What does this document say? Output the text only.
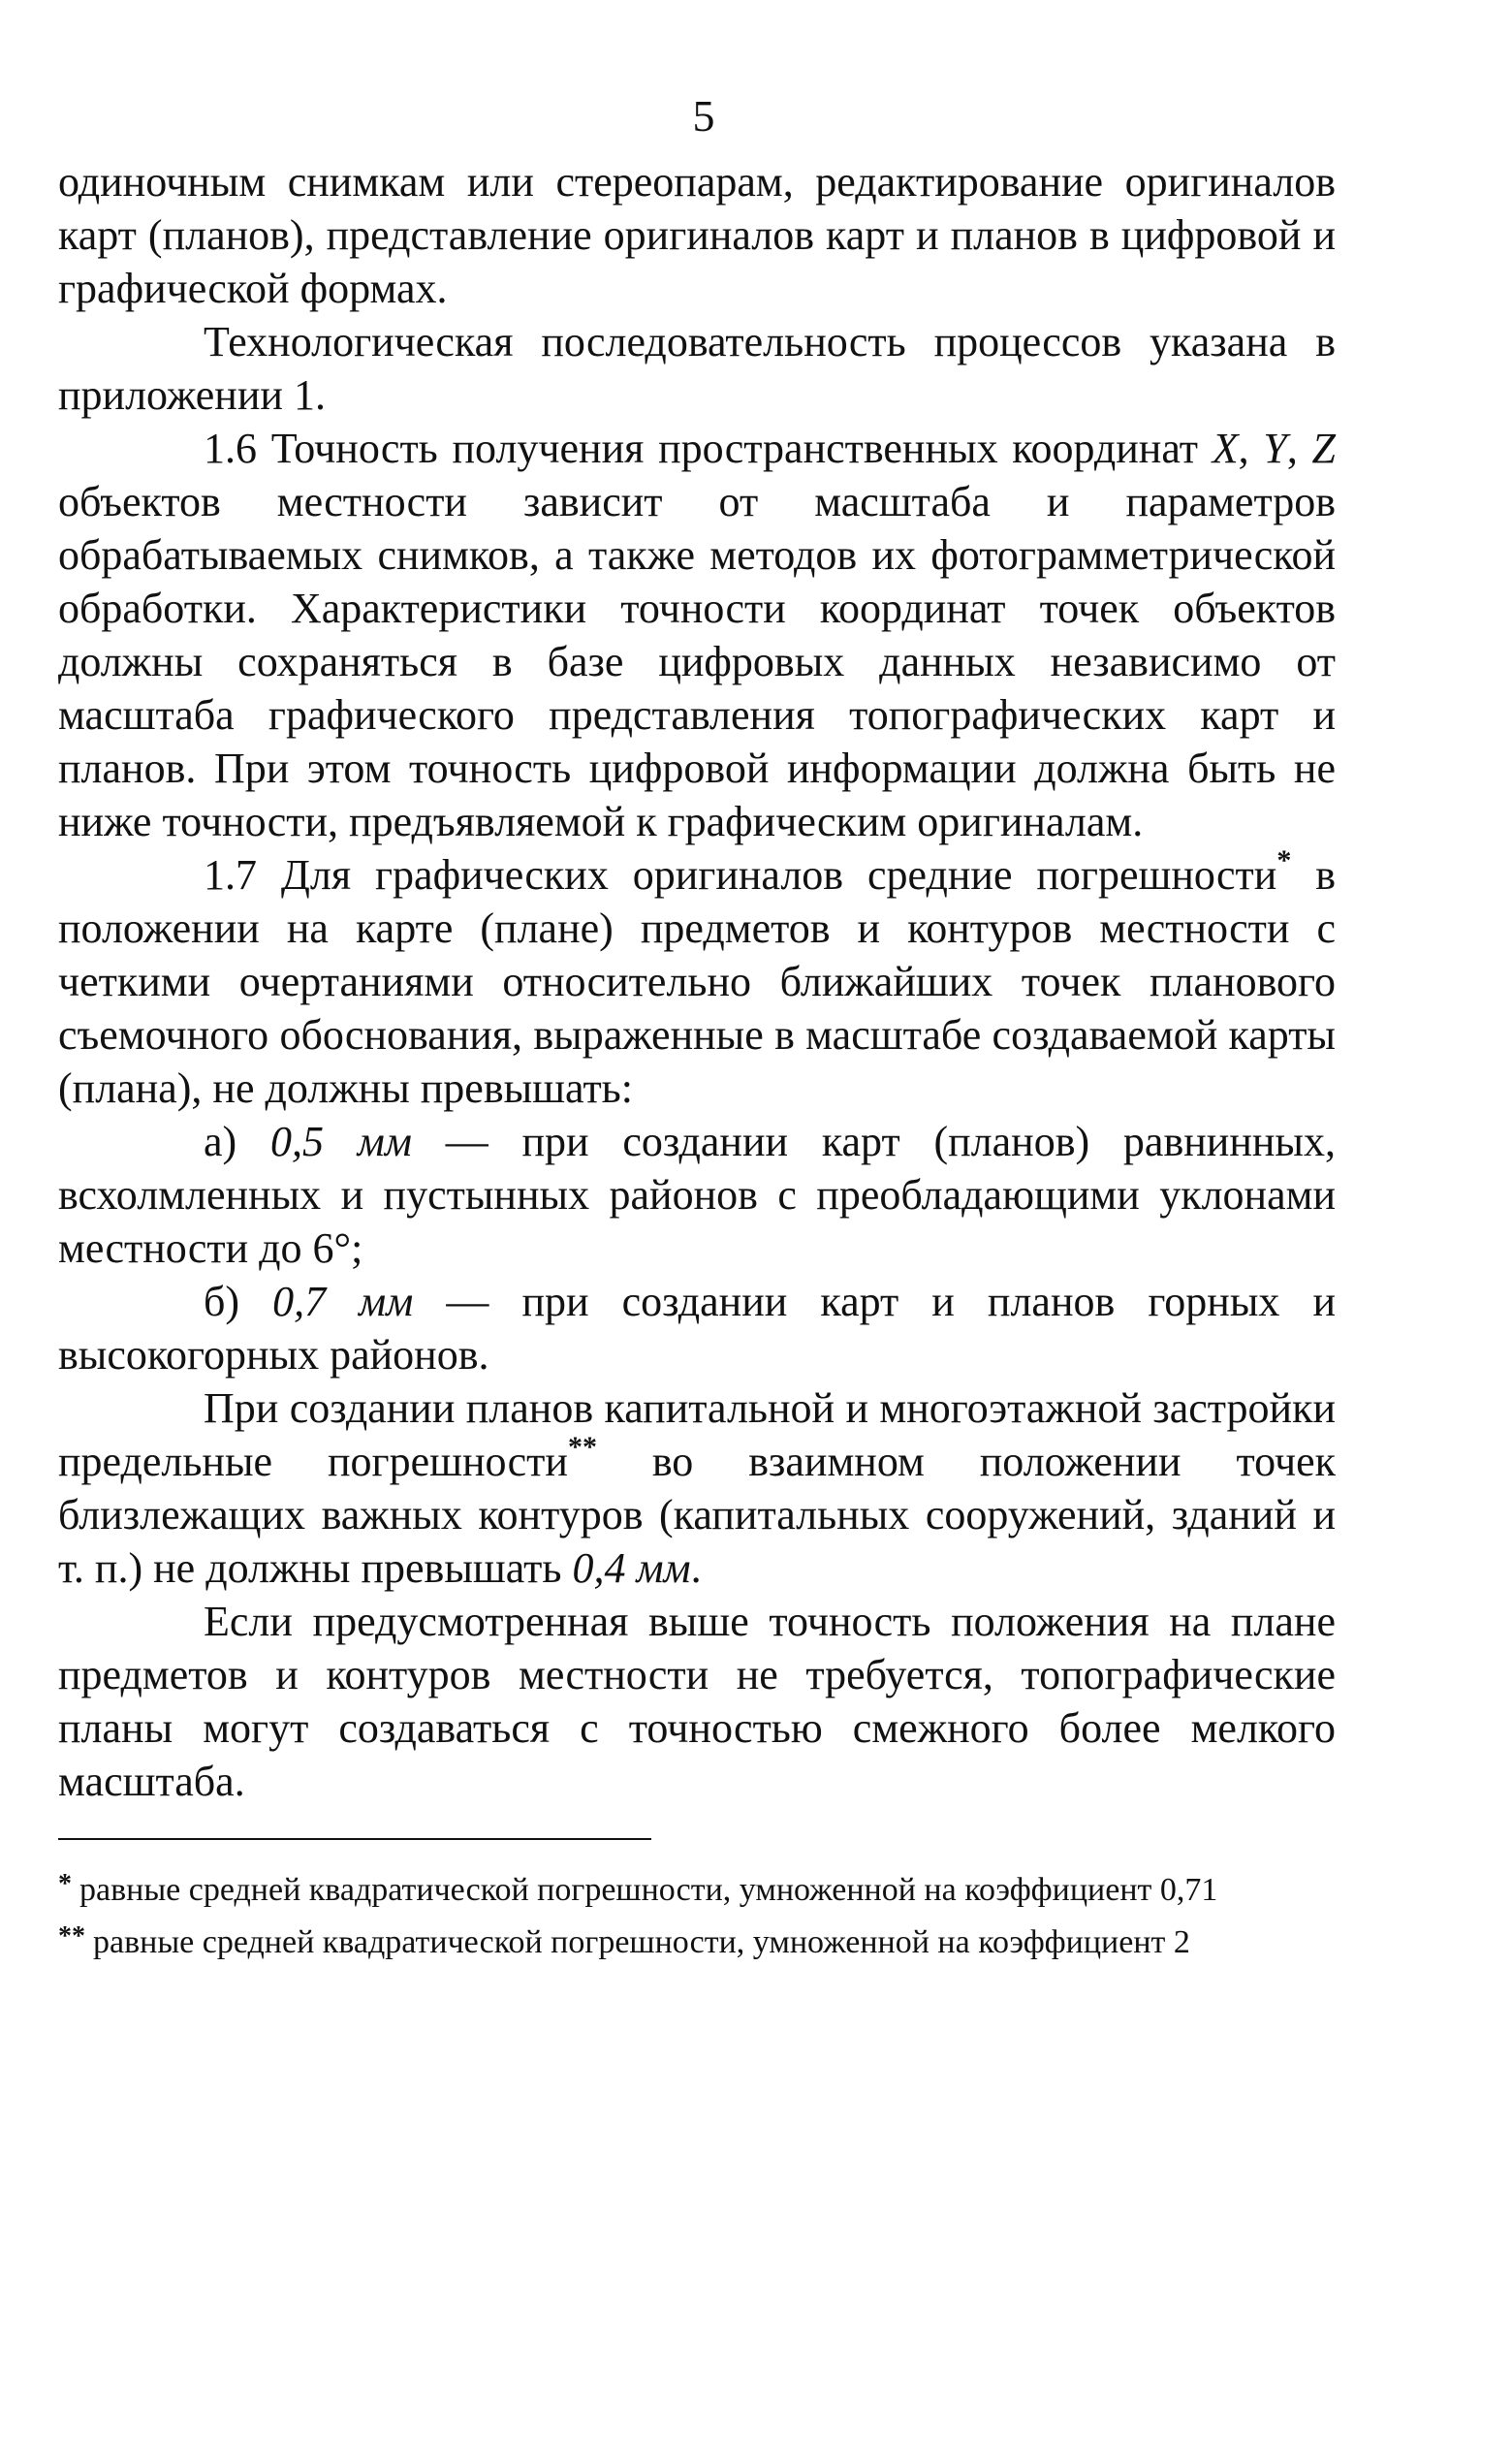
5

одиночным снимкам или стереопарам, редактирование оригиналов карт (планов), представление оригиналов карт и планов в цифровой и графической формах.

Технологическая последовательность процессов указана в приложении 1.

1.6 Точность получения пространственных координат X, Y, Z объектов местности зависит от масштаба и параметров обрабатываемых снимков, а также методов их фотограмметрической обработки. Характеристики точности координат точек объектов должны сохраняться в базе цифровых данных независимо от масштаба графического представления топографических карт и планов. При этом точность цифровой информации должна быть не ниже точности, предъявляемой к графическим оригиналам.

1.7 Для графических оригиналов средние погрешности* в положении на карте (плане) предметов и контуров местности с четкими очертаниями относительно ближайших точек планового съемочного обоснования, выраженные в масштабе создаваемой карты (плана), не должны превышать:

а) 0,5 мм — при создании карт (планов) равнинных, всхолмленных и пустынных районов с преобладающими уклонами местности до 6°;

б) 0,7 мм — при создании карт и планов горных и высокогорных районов.

При создании планов капитальной и многоэтажной застройки предельные погрешности** во взаимном положении точек близлежащих важных контуров (капитальных сооружений, зданий и т. п.) не должны превышать 0,4 мм.

Если предусмотренная выше точность положения на плане предметов и контуров местности не требуется, топографические планы могут создаваться с точностью смежного более мелкого масштаба.

* равные средней квадратической погрешности, умноженной на коэффициент 0,71
** равные средней квадратической погрешности, умноженной на коэффициент 2
